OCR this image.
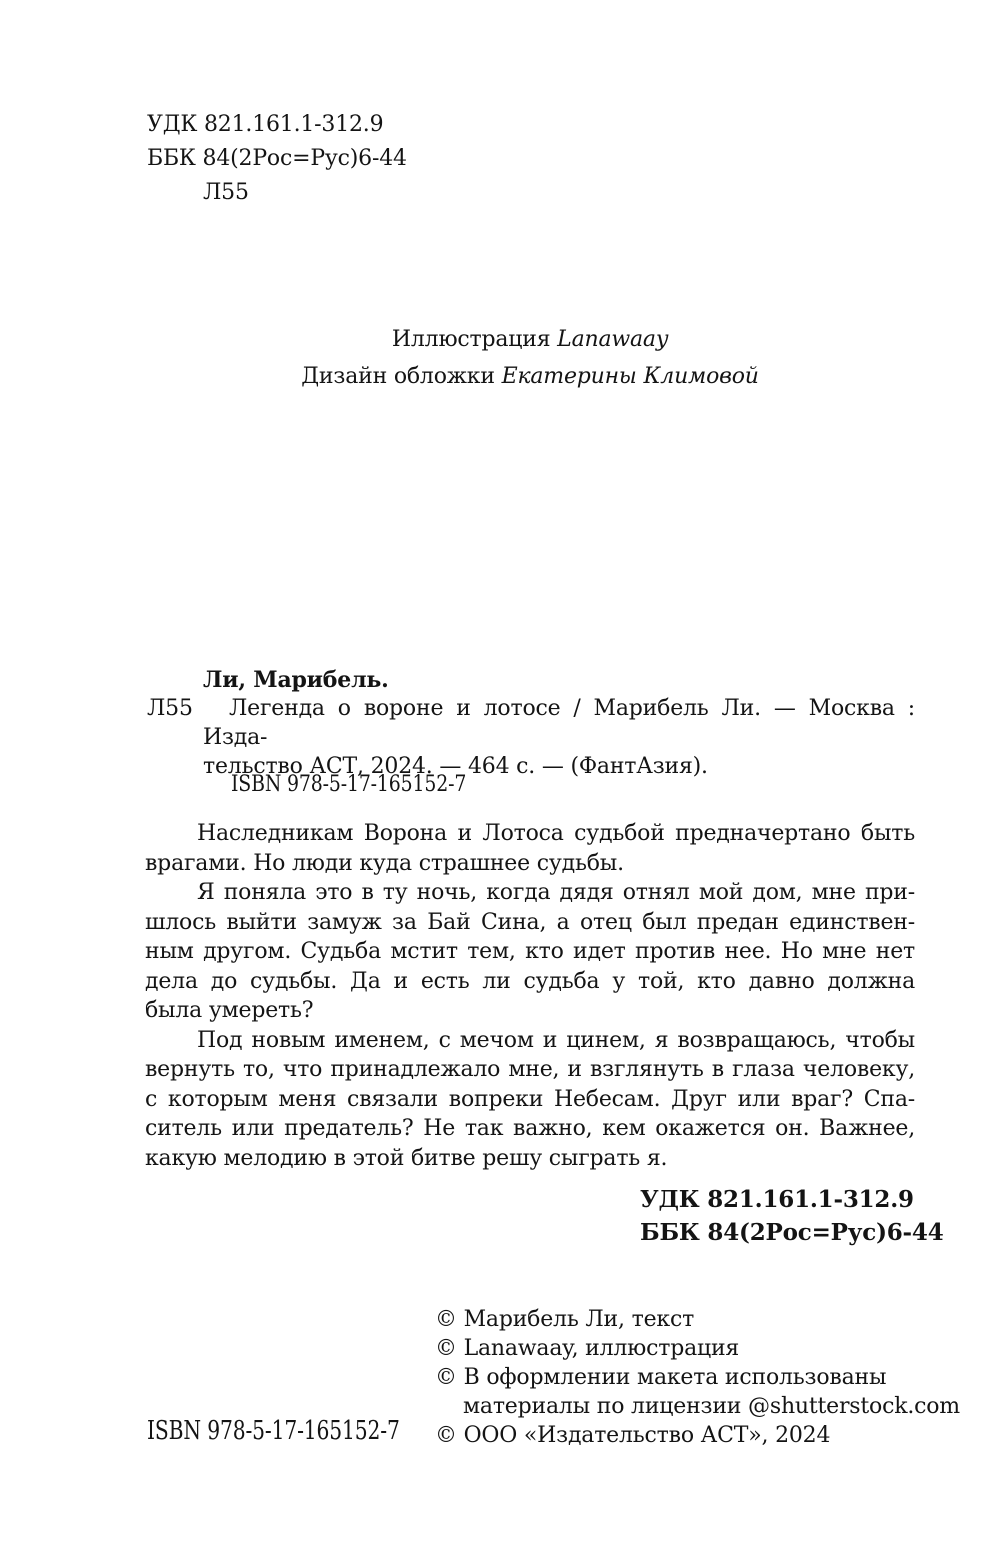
УДК 821.161.1-312.9
ББК 84(2Рос=Рус)6-44
Л55
Иллюстрация Lanawaay
Дизайн обложки Екатерины Климовой
Ли, Марибель.
Л55	Легенда о вороне и лотосе / Марибель Ли. — Москва : Изда-
тельство АСТ, 2024. — 464 с. — (ФантАзия).
ISBN 978-5-17-165152-7
Наследникам Ворона и Лотоса судьбой предначертано быть
врагами. Но люди куда страшнее судьбы.
Я поняла это в ту ночь, когда дядя отнял мой дом, мне при-
шлось выйти замуж за Бай Сина, а отец был предан единствен-
ным другом. Судьба мстит тем, кто идет против нее. Но мне нет
дела до судьбы. Да и есть ли судьба у той, кто давно должна
была умереть?
Под новым именем, с мечом и цинем, я возвращаюсь, чтобы
вернуть то, что принадлежало мне, и взглянуть в глаза человеку,
с которым меня связали вопреки Небесам. Друг или враг? Спа-
ситель или предатель? Не так важно, кем окажется он. Важнее,
какую мелодию в этой битве решу сыграть я.
УДК 821.161.1-312.9
ББК 84(2Рос=Рус)6-44
© Марибель Ли, текст
© Lanawaay, иллюстрация
© В оформлении макета использованы
материалы по лицензии @shutterstock.com
© ООО «Издательство АСТ», 2024
ISBN 978-5-17-165152-7
